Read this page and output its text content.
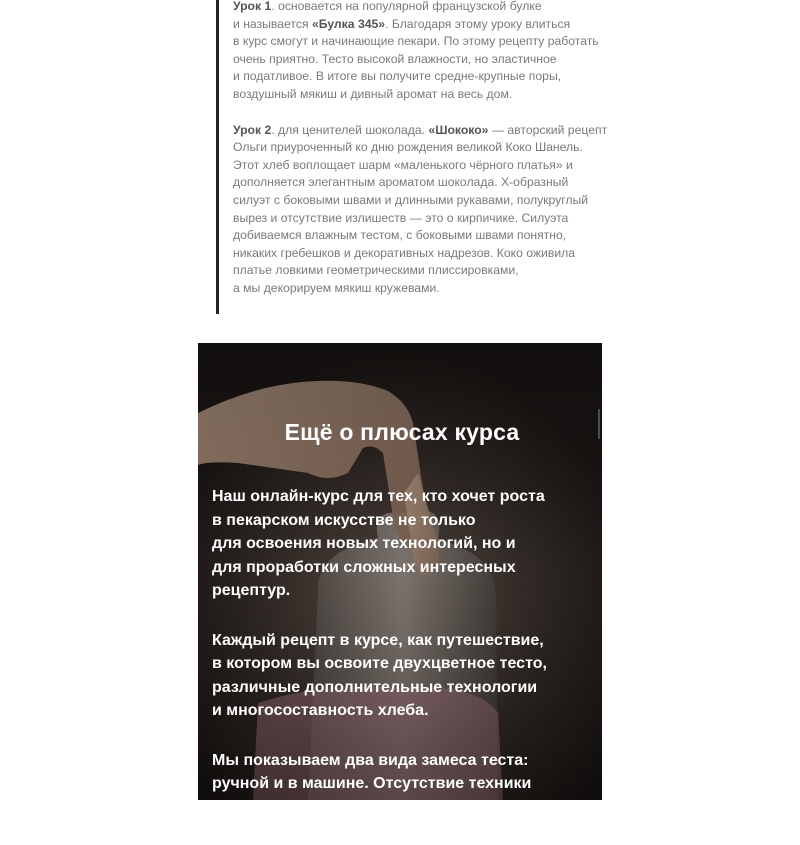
Урок 1. основается на популярной французской булке
и называется «Булка 345». Благодаря этому уроку влиться
в курс смогут и начинающие пекари. По этому рецепту работать
очень приятно. Тесто высокой влажности, но эластичное
и податливое. В итоге вы получите средне-крупные поры,
воздушный мякиш и дивный аромат на весь дом.

Урок 2. для ценителей шоколада. «Шококо» — авторский рецепт
Ольги приуроченный ко дню рождения великой Коко Шанель.
Этот хлеб воплощает шарм «маленького чёрного платья» и
дополняется элегантным ароматом шоколада. Х-образный
силуэт с боковыми швами и длинными рукавами, полукруглый
вырез и отсутствие излишеств — это о кирпичике. Силуэта
добиваемся влажным тестом, с боковыми швами понятно,
никаких гребешков и декоративных надрезов. Коко оживила
платье ловкими геометрическими плиссировками,
а мы декорируем мякиш кружевами.

Ещё о плюсах курса

Наш онлайн-курс для тех, кто хочет роста
в пекарском искусстве не только
для освоения новых технологий, но и
для проработки сложных интересных
рецептур.

Каждый рецепт в курсе, как путешествие,
в котором вы освоите двухцветное тесто,
различные дополнительные технологии
и многосоставность хлеба.

Мы показываем два вида замеса теста:
ручной и в машине. Отсутствие техники
не проблема — вы научитесь
